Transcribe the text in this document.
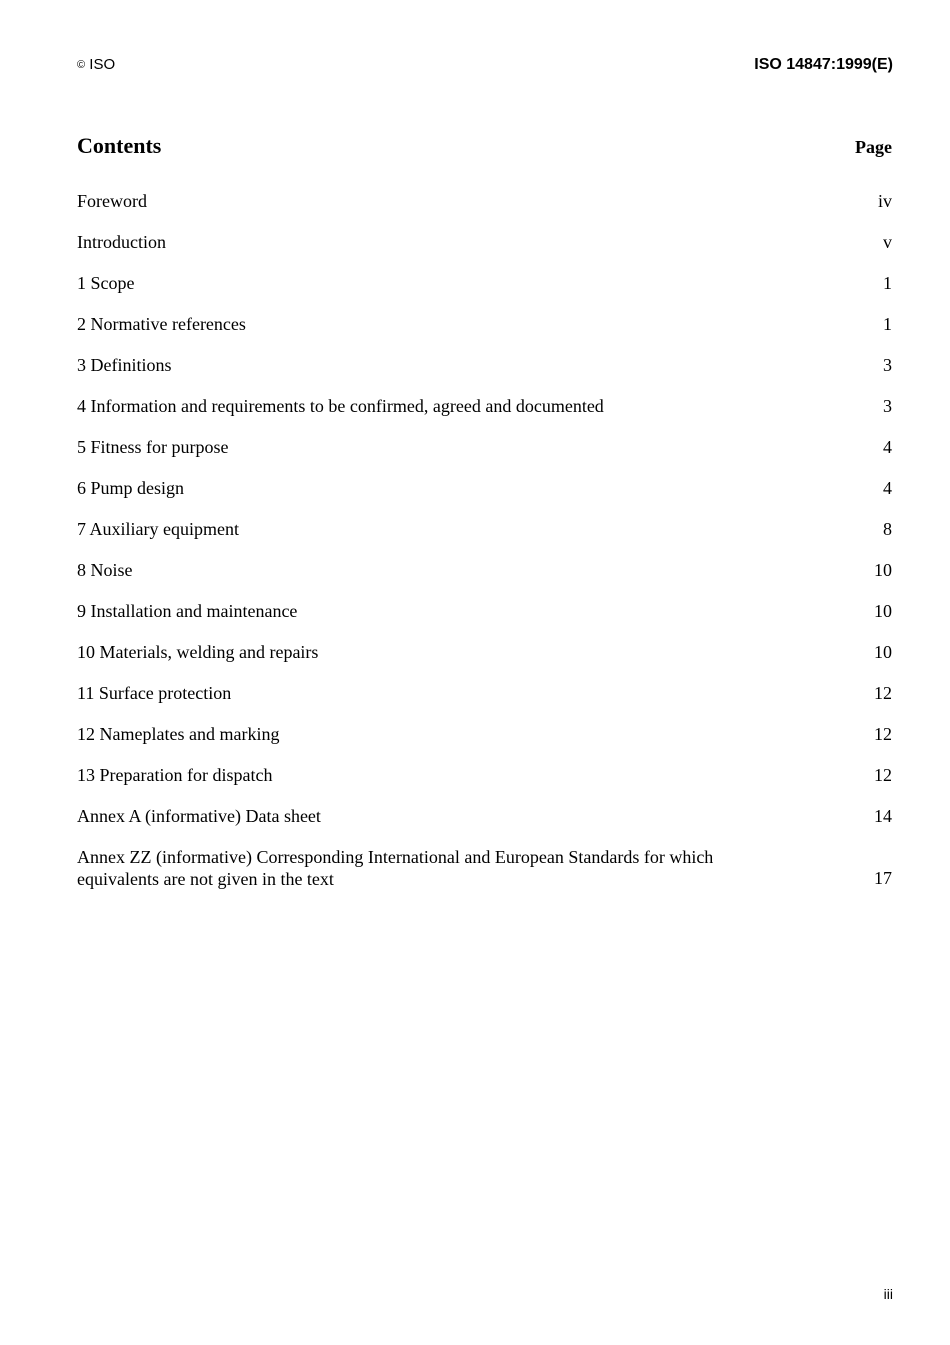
© ISO	ISO 14847:1999(E)
Contents	Page
Foreword	iv
Introduction	v
1 Scope	1
2 Normative references	1
3 Definitions	3
4 Information and requirements to be confirmed, agreed and documented	3
5 Fitness for purpose	4
6 Pump design	4
7 Auxiliary equipment	8
8 Noise	10
9 Installation and maintenance	10
10 Materials, welding and repairs	10
11 Surface protection	12
12 Nameplates and marking	12
13 Preparation for dispatch	12
Annex A (informative) Data sheet	14
Annex ZZ (informative) Corresponding International and European Standards for which equivalents are not given in the text	17
iii
